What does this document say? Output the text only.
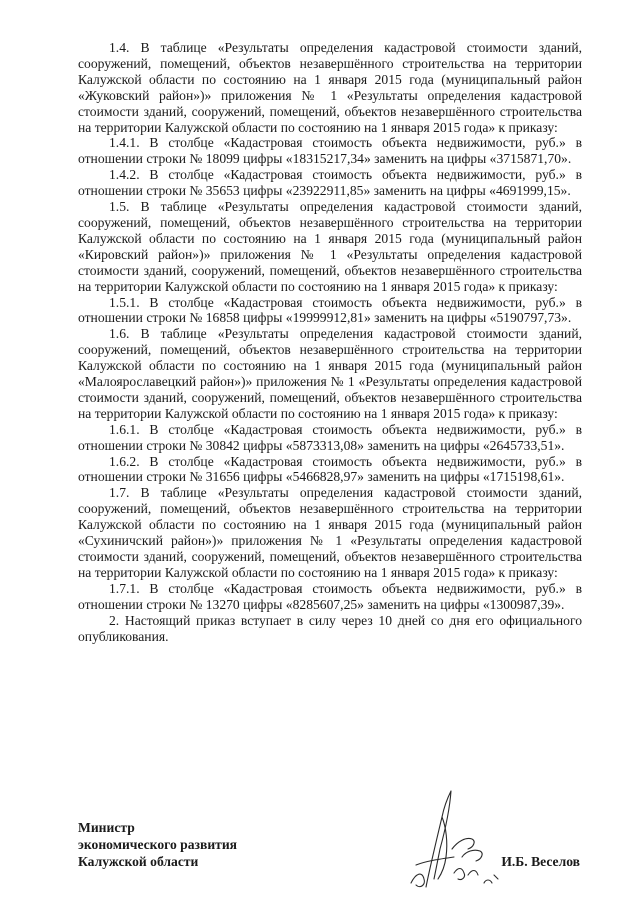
1.4. В таблице «Результаты определения кадастровой стоимости зданий, сооружений, помещений, объектов незавершённого строительства на территории Калужской области по состоянию на 1 января 2015 года (муниципальный район «Жуковский район»)» приложения № 1 «Результаты определения кадастровой стоимости зданий, сооружений, помещений, объектов незавершённого строительства на территории Калужской области по состоянию на 1 января 2015 года» к приказу:

1.4.1. В столбце «Кадастровая стоимость объекта недвижимости, руб.» в отношении строки № 18099 цифры «18315217,34» заменить на цифры «3715871,70».

1.4.2. В столбце «Кадастровая стоимость объекта недвижимости, руб.» в отношении строки № 35653 цифры «23922911,85» заменить на цифры «4691999,15».

1.5. В таблице «Результаты определения кадастровой стоимости зданий, сооружений, помещений, объектов незавершённого строительства на территории Калужской области по состоянию на 1 января 2015 года (муниципальный район «Кировский район»)» приложения № 1 «Результаты определения кадастровой стоимости зданий, сооружений, помещений, объектов незавершённого строительства на территории Калужской области по состоянию на 1 января 2015 года» к приказу:

1.5.1. В столбце «Кадастровая стоимость объекта недвижимости, руб.» в отношении строки № 16858 цифры «19999912,81» заменить на цифры «5190797,73».

1.6. В таблице «Результаты определения кадастровой стоимости зданий, сооружений, помещений, объектов незавершённого строительства на территории Калужской области по состоянию на 1 января 2015 года (муниципальный район «Малоярославецкий район»)» приложения № 1 «Результаты определения кадастровой стоимости зданий, сооружений, помещений, объектов незавершённого строительства на территории Калужской области по состоянию на 1 января 2015 года» к приказу:

1.6.1. В столбце «Кадастровая стоимость объекта недвижимости, руб.» в отношении строки № 30842 цифры «5873313,08» заменить на цифры «2645733,51».

1.6.2. В столбце «Кадастровая стоимость объекта недвижимости, руб.» в отношении строки № 31656 цифры «5466828,97» заменить на цифры «1715198,61».

1.7. В таблице «Результаты определения кадастровой стоимости зданий, сооружений, помещений, объектов незавершённого строительства на территории Калужской области по состоянию на 1 января 2015 года (муниципальный район «Сухиничский район»)» приложения № 1 «Результаты определения кадастровой стоимости зданий, сооружений, помещений, объектов незавершённого строительства на территории Калужской области по состоянию на 1 января 2015 года» к приказу:

1.7.1. В столбце «Кадастровая стоимость объекта недвижимости, руб.» в отношении строки № 13270 цифры «8285607,25» заменить на цифры «1300987,39».

2. Настоящий приказ вступает в силу через 10 дней со дня его официального опубликования.

Министр
экономического развития
Калужской области	И.Б. Веселов
